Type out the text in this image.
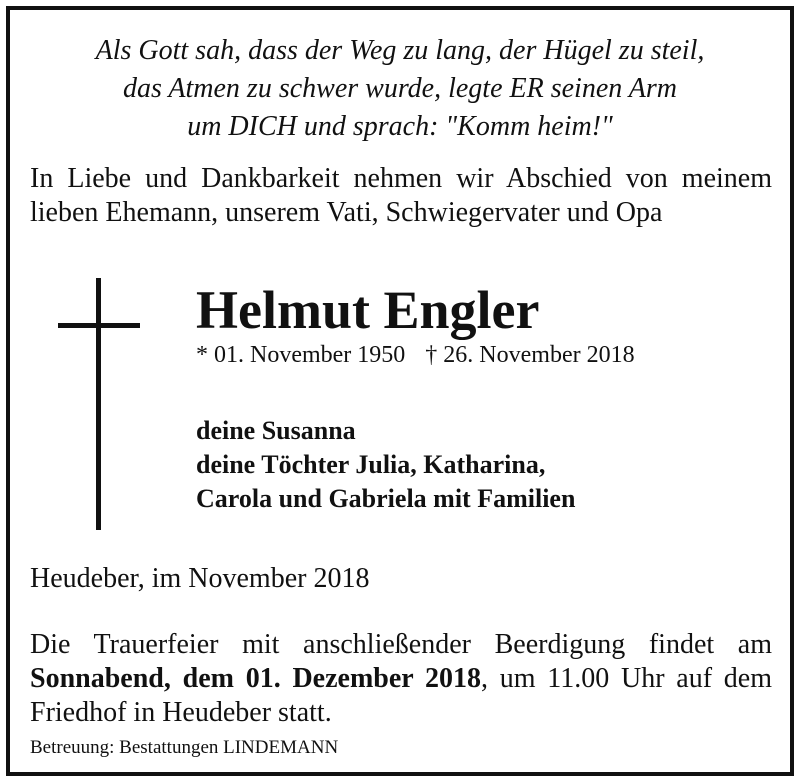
Als Gott sah, dass der Weg zu lang, der Hügel zu steil,
das Atmen zu schwer wurde, legte ER seinen Arm
um DICH und sprach: "Komm heim!"
In Liebe und Dankbarkeit nehmen wir Abschied von meinem lieben Ehemann, unserem Vati, Schwiegervater und Opa
Helmut Engler
* 01. November 1950 † 26. November 2018
deine Susanna
deine Töchter Julia, Katharina,
Carola und Gabriela mit Familien
Heudeber, im November 2018
Die Trauerfeier mit anschließender Beerdigung findet am Sonnabend, dem 01. Dezember 2018, um 11.00 Uhr auf dem Friedhof in Heudeber statt.
Betreuung: Bestattungen LINDEMANN
